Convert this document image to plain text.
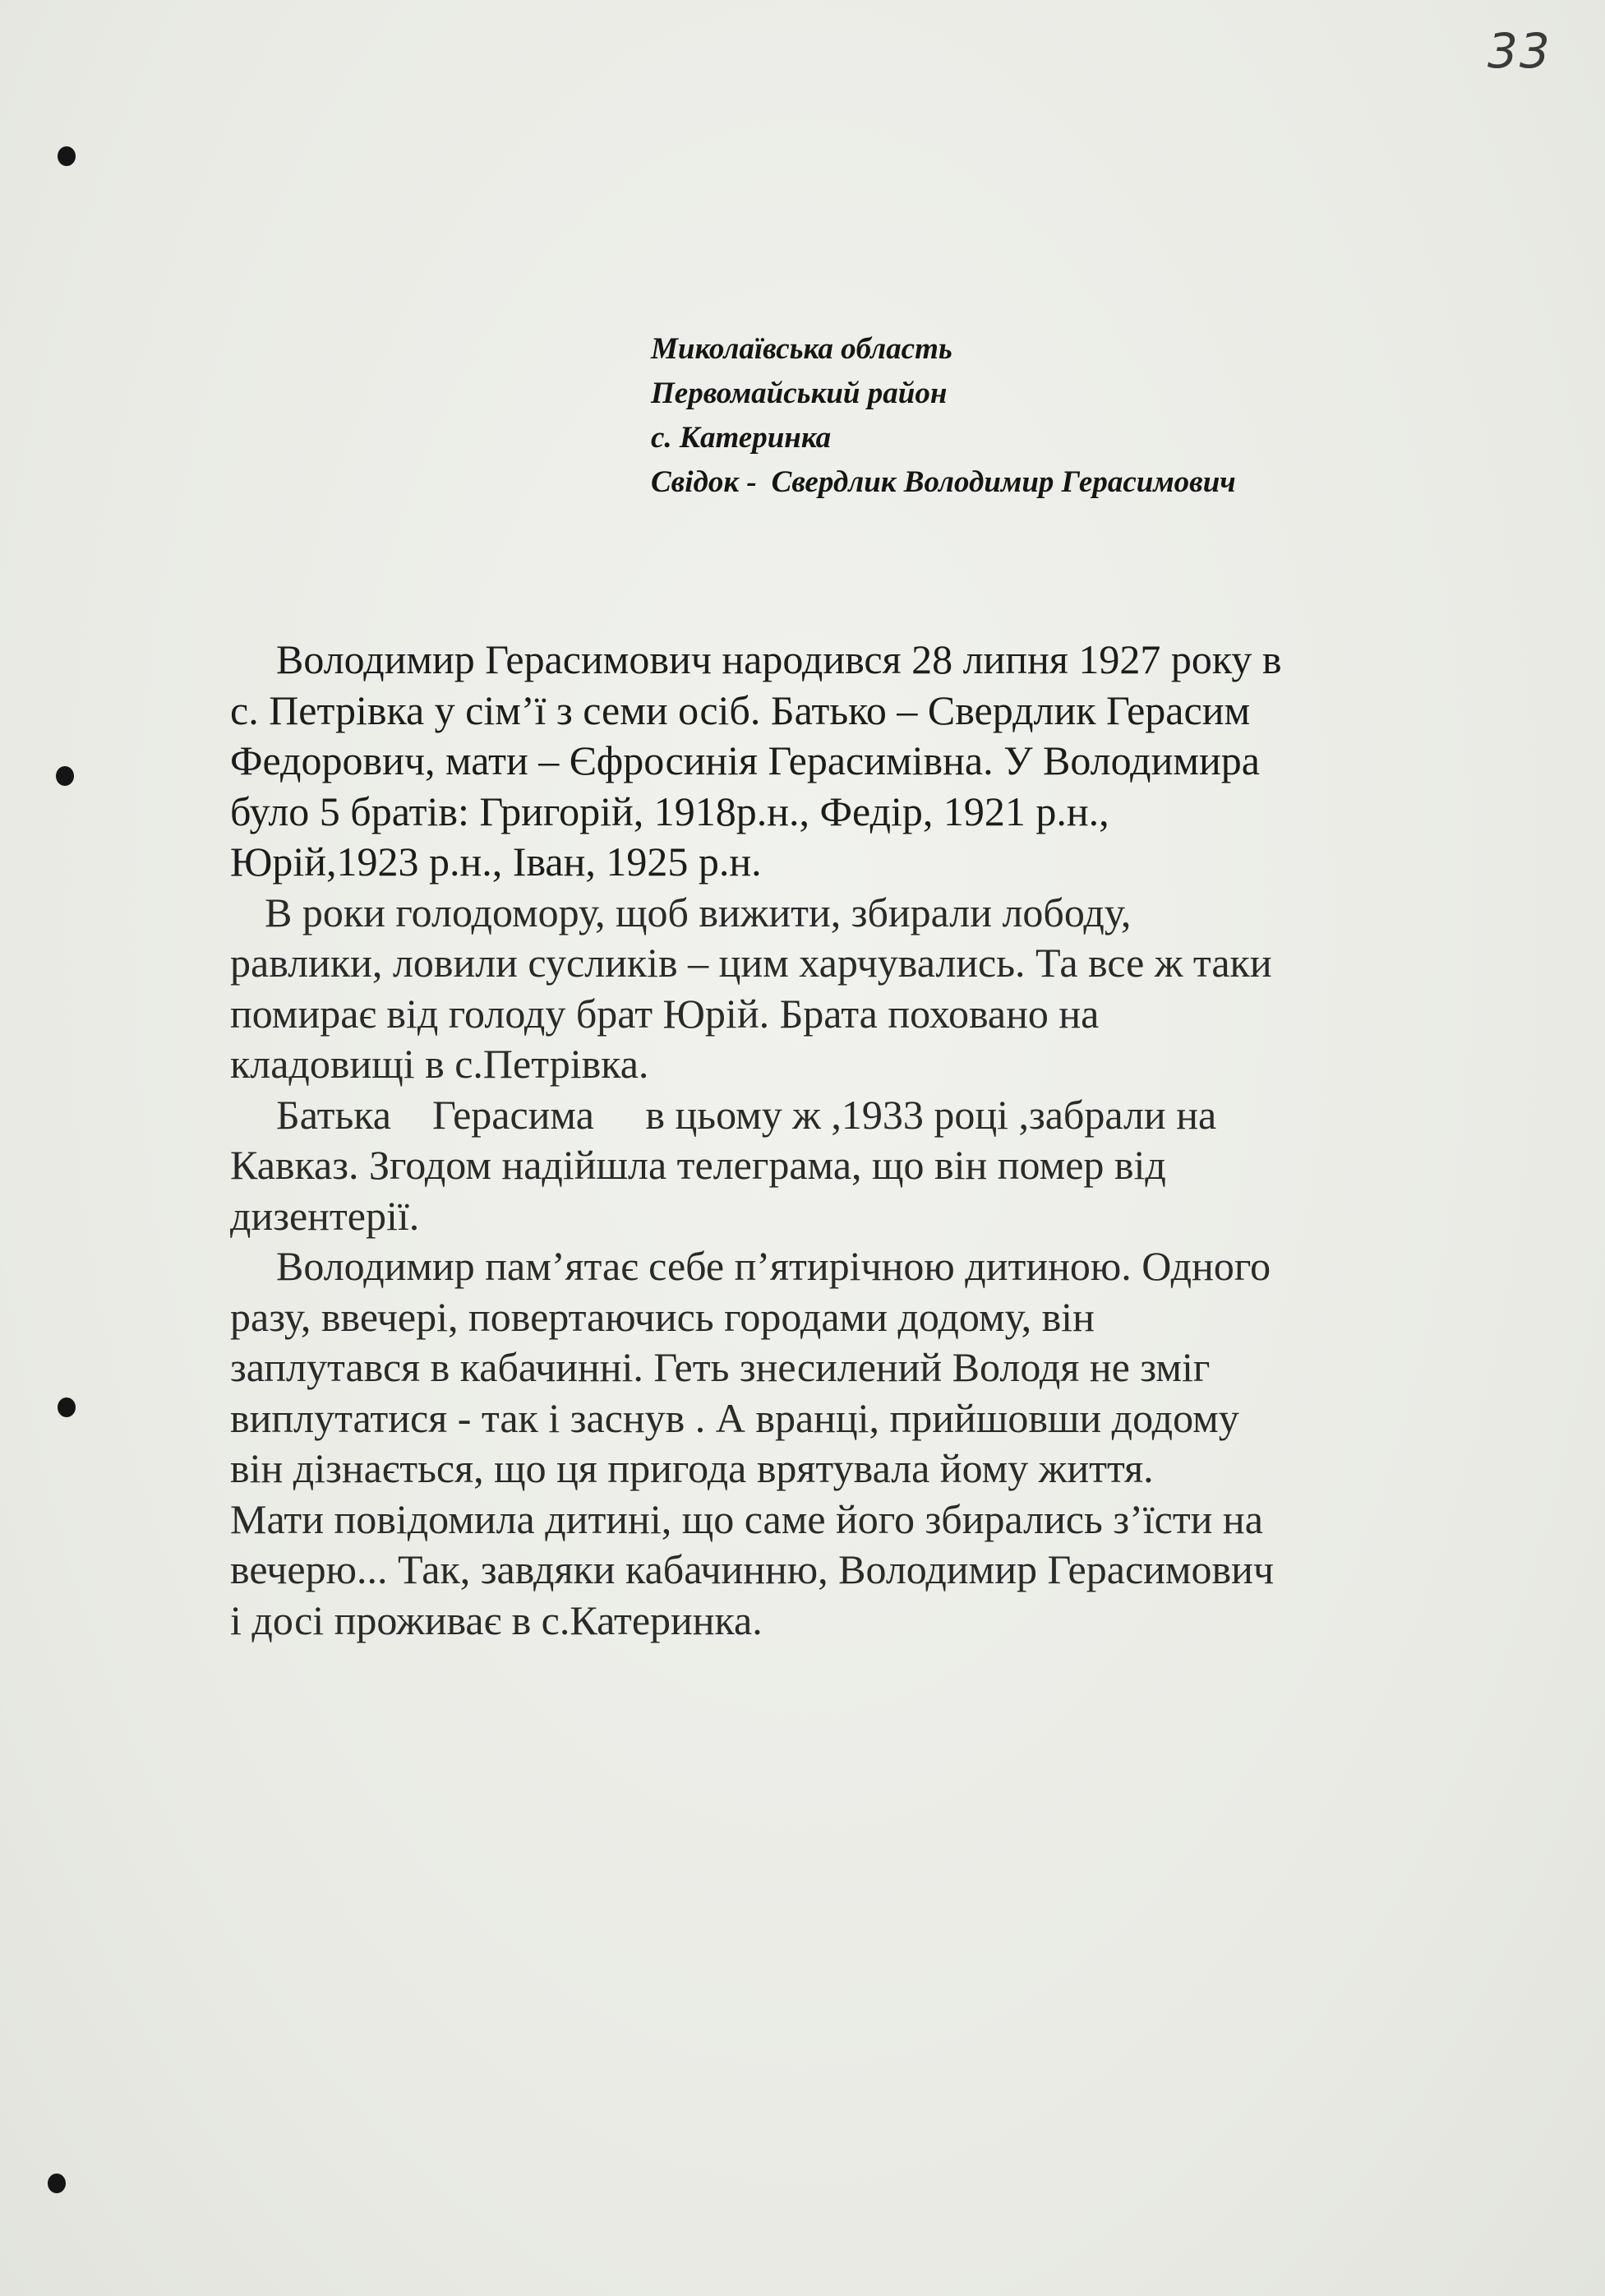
33
Миколаївська область
Первомайський район
с. Катеринка
Свідок - Свердлик Володимир Герасимович
Володимир Герасимович народився 28 липня 1927 року в
с. Петрівка у сім’ї з семи осіб. Батько – Свердлик Герасим
Федорович, мати – Єфросинія Герасимівна. У Володимира
було 5 братів: Григорій, 1918р.н., Федір, 1921 р.н.,
Юрій,1923 р.н., Іван, 1925 р.н.
В роки голодомору, щоб вижити, збирали лободу,
равлики, ловили сусликів – цим харчувались. Та все ж таки
помирає від голоду брат Юрій. Брата поховано на
кладовищі в с.Петрівка.
Батька    Герасима     в цьому ж ,1933 році ,забрали на
Кавказ. Згодом надійшла телеграма, що він помер від
дизентерії.
Володимир пам’ятає себе п’ятирічною дитиною. Одного
разу, ввечері, повертаючись городами додому, він
заплутався в кабачинні. Геть знесилений Володя не зміг
виплутатися - так і заснув . А вранці, прийшовши додому
він дізнається, що ця пригода врятувала йому життя.
Мати повідомила дитині, що саме його збирались з’їсти на
вечерю... Так, завдяки кабачинню, Володимир Герасимович
і досі проживає в с.Катеринка.
